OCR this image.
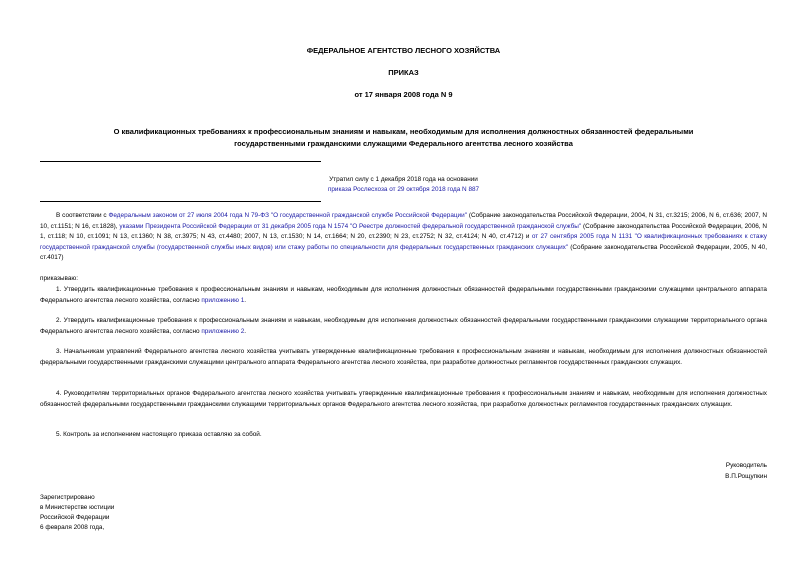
ФЕДЕРАЛЬНОЕ АГЕНТСТВО ЛЕСНОГО ХОЗЯЙСТВА
ПРИКАЗ
от 17 января 2008 года N 9
О квалификационных требованиях к профессиональным знаниям и навыкам, необходимым для исполнения должностных обязанностей федеральными
государственными гражданскими служащими Федерального агентства лесного хозяйства
Утратил силу с 1 декабря 2018 года на основании
приказа Рослесхоза от 29 октября 2018 года N 887
В соответствии с Федеральным законом от 27 июля 2004 года N 79-ФЗ "О государственной гражданской службе Российской Федерации" (Собрание законодательства Российской Федерации, 2004, N 31, ст.3215; 2006, N 6, ст.636; 2007, N 10, ст.1151; N 16, ст.1828), указами Президента Российской Федерации от 31 декабря 2005 года N 1574 "О Реестре должностей федеральной государственной гражданской службы" (Собрание законодательства Российской Федерации, 2006, N 1, ст.118; N 10, ст.1091; N 13, ст.1360; N 38, ст.3975; N 43, ст.4480; 2007, N 13, ст.1530; N 14, ст.1664; N 20, ст.2390; N 23, ст.2752; N 32, ст.4124; N 40, ст.4712) и от 27 сентября 2005 года N 1131 "О квалификационных требованиях к стажу государственной гражданской службы (государственной службы иных видов) или стажу работы по специальности для федеральных государственных гражданских служащих" (Собрание законодательства Российской Федерации, 2005, N 40, ст.4017)
приказываю:
1. Утвердить квалификационные требования к профессиональным знаниям и навыкам, необходимым для исполнения должностных обязанностей федеральными государственными гражданскими служащими центрального аппарата Федерального агентства лесного хозяйства, согласно приложению 1.
2. Утвердить квалификационные требования к профессиональным знаниям и навыкам, необходимым для исполнения должностных обязанностей федеральными государственными гражданскими служащими территориального органа Федерального агентства лесного хозяйства, согласно приложению 2.
3. Начальникам управлений Федерального агентства лесного хозяйства учитывать утвержденные квалификационные требования к профессиональным знаниям и навыкам, необходимым для исполнения должностных обязанностей федеральными государственными гражданскими служащими центрального аппарата Федерального агентства лесного хозяйства, при разработке должностных регламентов государственных гражданских служащих.
4. Руководителям территориальных органов Федерального агентства лесного хозяйства учитывать утвержденные квалификационные требования к профессиональным знаниям и навыкам, необходимым для исполнения должностных обязанностей федеральными государственными гражданскими служащими территориальных органов Федерального агентства лесного хозяйства, при разработке должностных регламентов государственных гражданских служащих.
5. Контроль за исполнением настоящего приказа оставляю за собой.
Руководитель
В.П.Рощупкин
Зарегистрировано
в Министерстве юстиции
Российской Федерации
6 февраля 2008 года,
